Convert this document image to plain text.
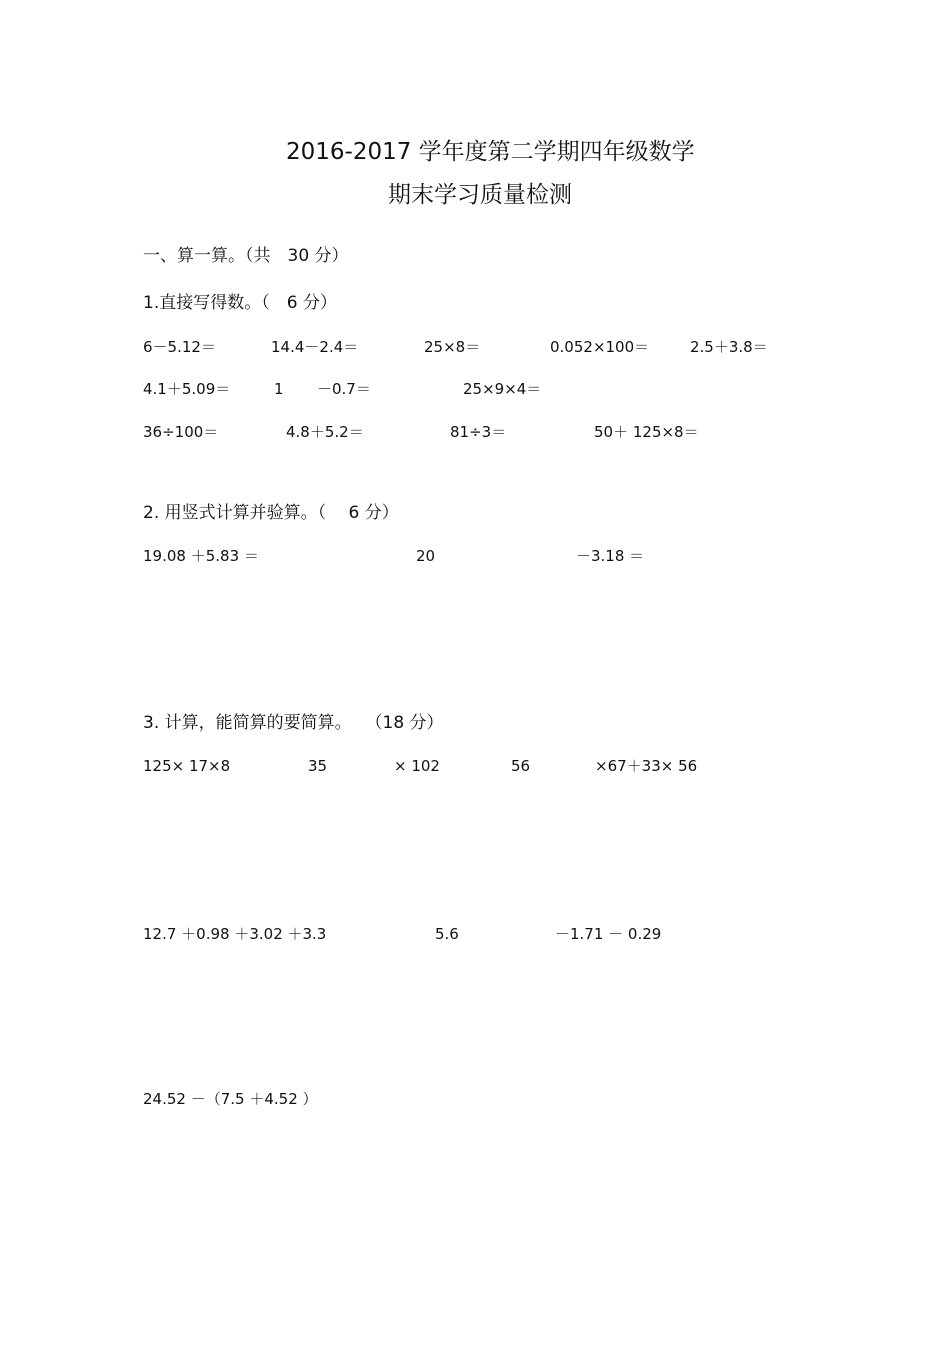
2016-2017 学年度第二学期四年级数学
期末学习质量检测
一、算一算。（共　30 分）
1.直接写得数。（　6 分）
6－5.12＝	14.4－2.4＝	25×8＝	0.052×100＝	2.5＋3.8＝
4.1＋5.09＝	1 －0.7＝	25×9×4＝
36÷100＝	4.8＋5.2＝	81÷3＝	50＋ 125×8＝
2. 用竖式计算并验算。（　 6 分）
19.08 ＋5.83 ＝	20	－3.18 ＝
3. 计算，能简算的要简算。　 （18 分）
125× 17×8	35	× 102	56	×67＋33× 56
12.7 ＋0.98 ＋3.02 ＋3.3	5.6	－1.71 － 0.29
24.52 －（7.5 ＋4.52 ）
